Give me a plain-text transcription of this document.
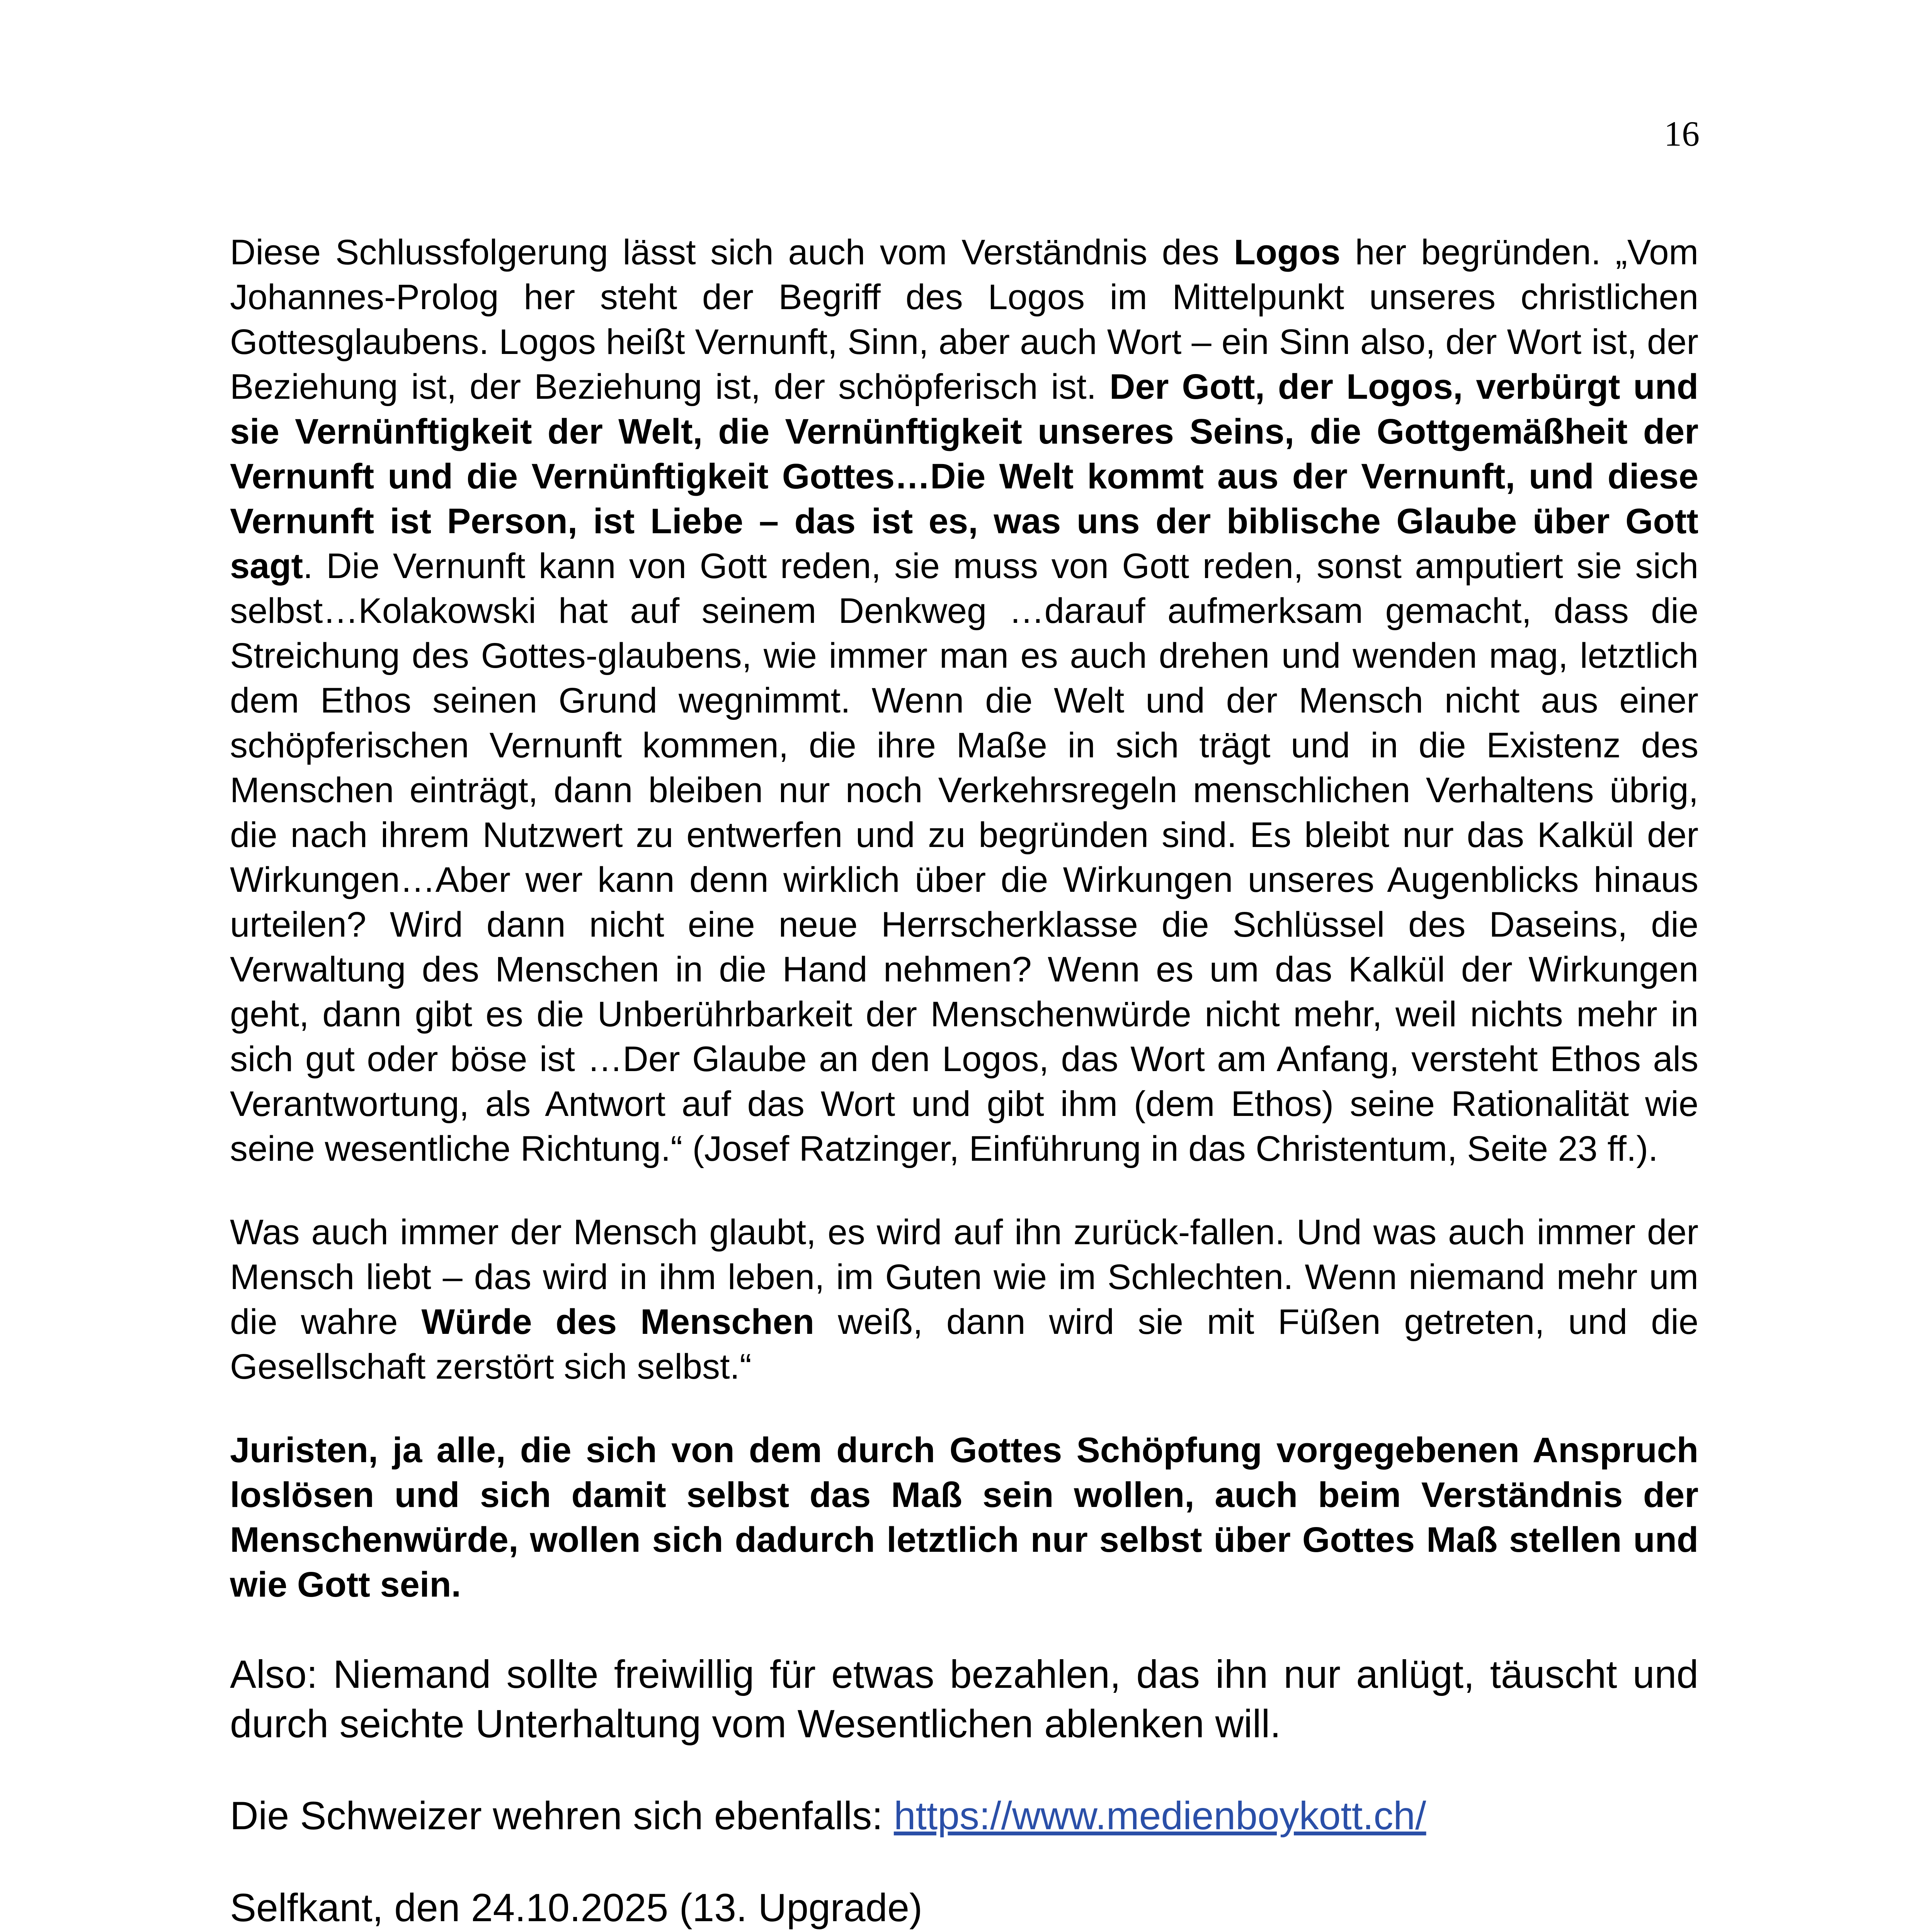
16

Diese Schlussfolgerung lässt sich auch vom Verständnis des Logos her begründen. „Vom Johannes-Prolog her steht der Begriff des Logos im Mittelpunkt unseres christlichen Gottesglaubens. Logos heißt Vernunft, Sinn, aber auch Wort – ein Sinn also, der Wort ist, der Beziehung ist, der Beziehung ist, der schöpferisch ist. Der Gott, der Logos, verbürgt und sie Vernünftigkeit der Welt, die Vernünftigkeit unseres Seins, die Gottgemäßheit der Vernunft und die Vernünftigkeit Gottes…Die Welt kommt aus der Vernunft, und diese Vernunft ist Person, ist Liebe – das ist es, was uns der biblische Glaube über Gott sagt. Die Vernunft kann von Gott reden, sie muss von Gott reden, sonst amputiert sie sich selbst…Kolakowski hat auf seinem Denkweg …darauf aufmerksam gemacht, dass die Streichung des Gottes-glaubens, wie immer man es auch drehen und wenden mag, letztlich dem Ethos seinen Grund wegnimmt. Wenn die Welt und der Mensch nicht aus einer schöpferischen Vernunft kommen, die ihre Maße in sich trägt und in die Existenz des Menschen einträgt, dann bleiben nur noch Verkehrsregeln menschlichen Verhaltens übrig, die nach ihrem Nutzwert zu entwerfen und zu begründen sind. Es bleibt nur das Kalkül der Wirkungen…Aber wer kann denn wirklich über die Wirkungen unseres Augenblicks hinaus urteilen? Wird dann nicht eine neue Herrscherklasse die Schlüssel des Daseins, die Verwaltung des Menschen in die Hand nehmen? Wenn es um das Kalkül der Wirkungen geht, dann gibt es die Unberührbarkeit der Menschenwürde nicht mehr, weil nichts mehr in sich gut oder böse ist …Der Glaube an den Logos, das Wort am Anfang, versteht Ethos als Verantwortung, als Antwort auf das Wort und gibt ihm (dem Ethos) seine Rationalität wie seine wesentliche Richtung.“ (Josef Ratzinger, Einführung in das Christentum, Seite 23 ff.).

Was auch immer der Mensch glaubt, es wird auf ihn zurück-fallen. Und was auch immer der Mensch liebt – das wird in ihm leben, im Guten wie im Schlechten. Wenn niemand mehr um die wahre Würde des Menschen weiß, dann wird sie mit Füßen getreten, und die Gesellschaft zerstört sich selbst.“

Juristen, ja alle, die sich von dem durch Gottes Schöpfung vorgegebenen Anspruch loslösen und sich damit selbst das Maß sein wollen, auch beim Verständnis der Menschenwürde, wollen sich dadurch letztlich nur selbst über Gottes Maß stellen und wie Gott sein.

Also: Niemand sollte freiwillig für etwas bezahlen, das ihn nur anlügt, täuscht und durch seichte Unterhaltung vom Wesentlichen ablenken will.

Die Schweizer wehren sich ebenfalls: https://www.medienboykott.ch/

Selfkant, den 24.10.2025 (13. Upgrade)
